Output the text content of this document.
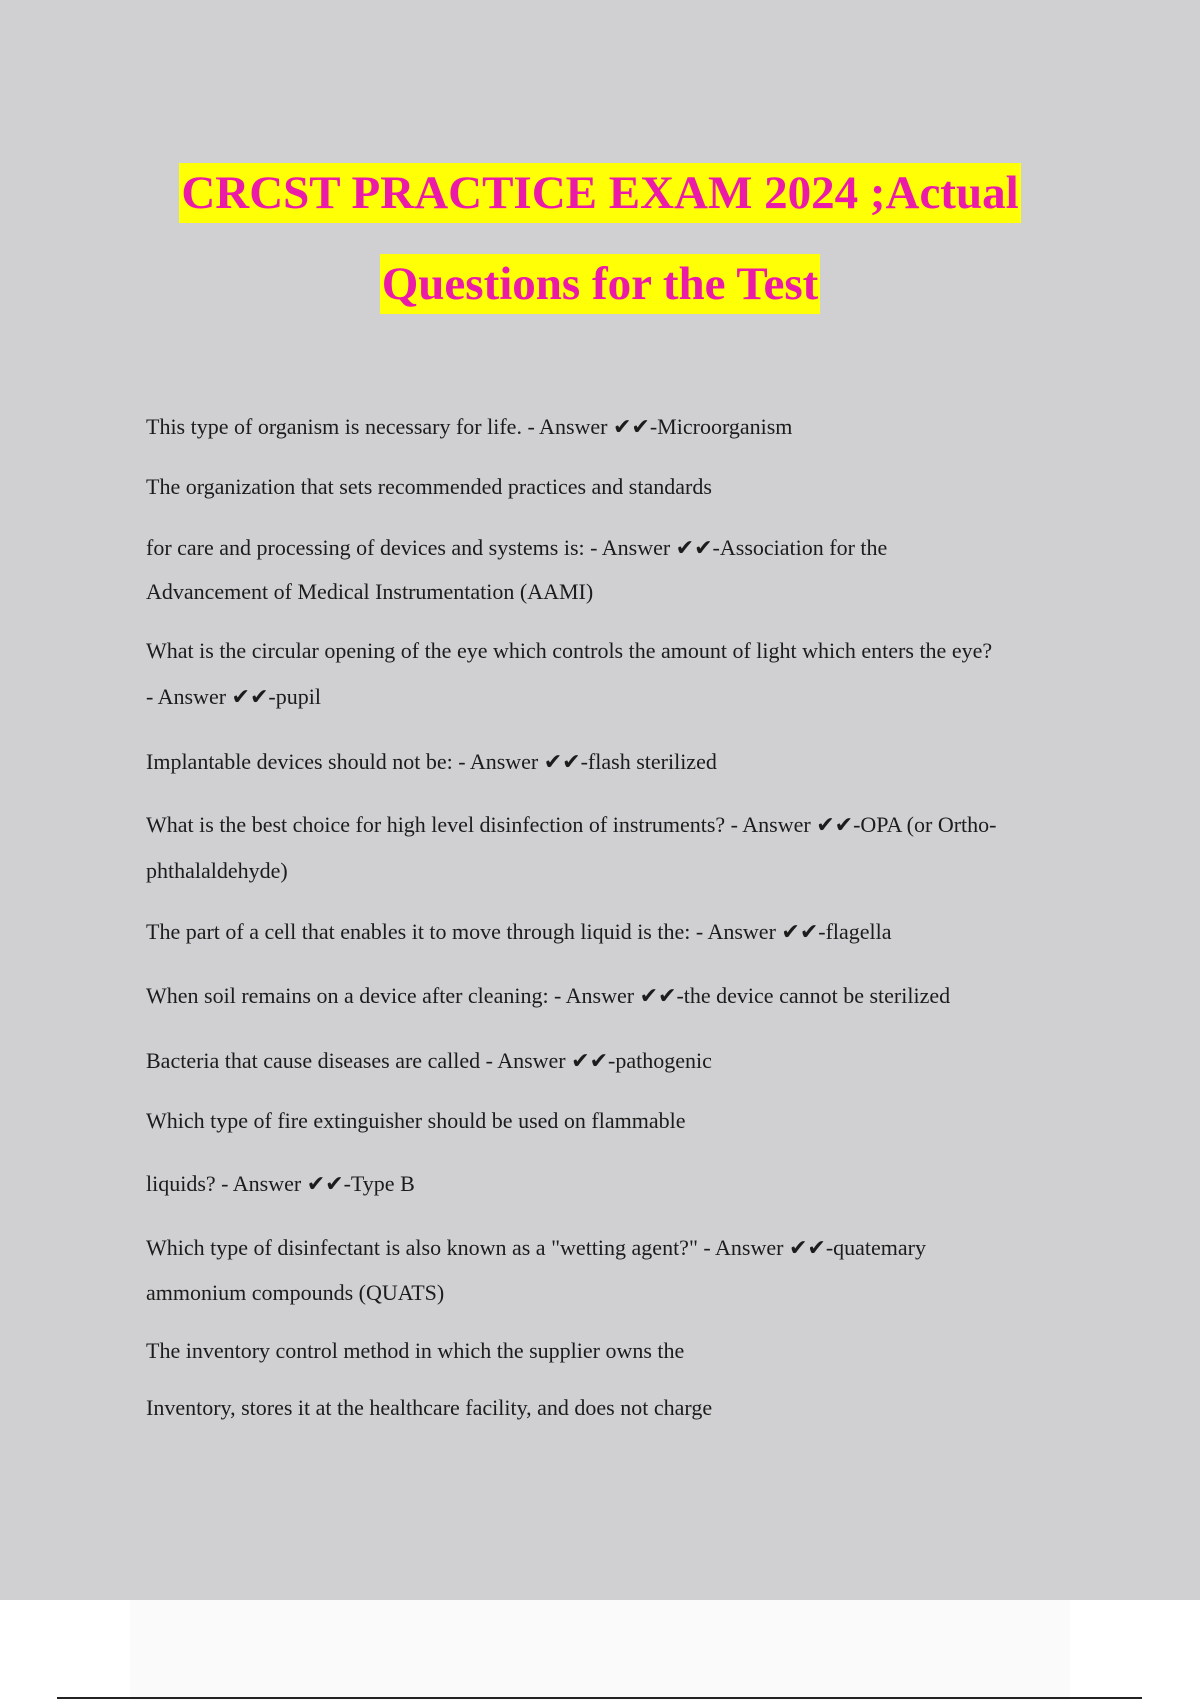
CRCST PRACTICE EXAM 2024 ;Actual
Questions for the Test
This type of organism is necessary for life. - Answer ✔✔-Microorganism
The organization that sets recommended practices and standards
for care and processing of devices and systems is: - Answer ✔✔-Association for the
Advancement of Medical Instrumentation (AAMI)
What is the circular opening of the eye which controls the amount of light which enters the eye?
- Answer ✔✔-pupil
Implantable devices should not be: - Answer ✔✔-flash sterilized
What is the best choice for high level disinfection of instruments? - Answer ✔✔-OPA (or Ortho-
phthalaldehyde)
The part of a cell that enables it to move through liquid is the: - Answer ✔✔-flagella
When soil remains on a device after cleaning: - Answer ✔✔-the device cannot be sterilized
Bacteria that cause diseases are called - Answer ✔✔-pathogenic
Which type of fire extinguisher should be used on flammable
liquids? - Answer ✔✔-Type B
Which type of disinfectant is also known as a "wetting agent?" - Answer ✔✔-quatemary
ammonium compounds (QUATS)
The inventory control method in which the supplier owns the
Inventory, stores it at the healthcare facility, and does not charge
